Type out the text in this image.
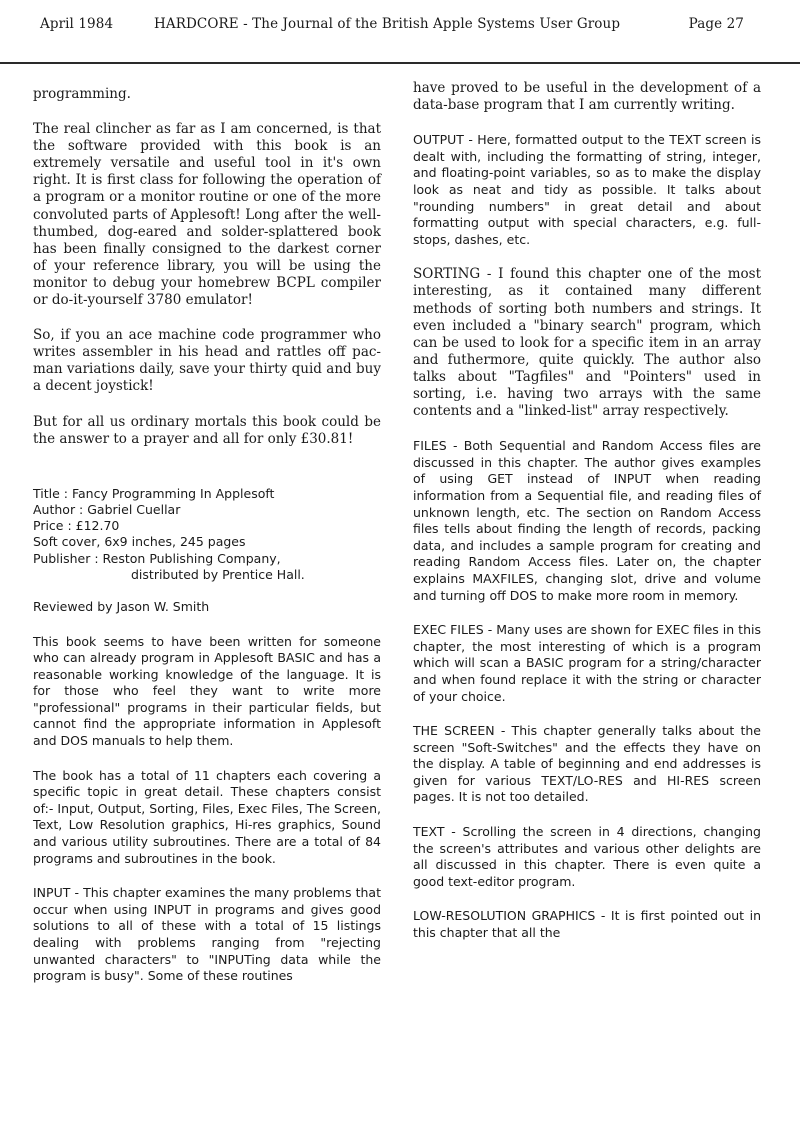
April 1984	HARDCORE - The Journal of the British Apple Systems User Group	Page 27

programming.

The real clincher as far as I am concerned, is that the software provided with this book is an extremely versatile and useful tool in it's own right. It is first class for following the operation of a program or a monitor routine or one of the more convoluted parts of Applesoft! Long after the well-thumbed, dog-eared and solder-splattered book has been finally consigned to the darkest corner of your reference library, you will be using the monitor to debug your homebrew BCPL compiler or do-it-yourself 3780 emulator!

So, if you an ace machine code programmer who writes assembler in his head and rattles off pac-man variations daily, save your thirty quid and buy a decent joystick!

But for all us ordinary mortals this book could be the answer to a prayer and all for only £30.81!

Title : Fancy Programming In Applesoft
Author : Gabriel Cuellar
Price : £12.70
Soft cover, 6x9 inches, 245 pages
Publisher : Reston Publishing Company,
distributed by Prentice Hall.

Reviewed by Jason W. Smith

This book seems to have been written for someone who can already program in Applesoft BASIC and has a reasonable working knowledge of the language. It is for those who feel they want to write more "professional" programs in their particular fields, but cannot find the appropriate information in Applesoft and DOS manuals to help them.

The book has a total of 11 chapters each covering a specific topic in great detail. These chapters consist of:- Input, Output, Sorting, Files, Exec Files, The Screen, Text, Low Resolution graphics, Hi-res graphics, Sound and various utility subroutines. There are a total of 84 programs and subroutines in the book.

INPUT - This chapter examines the many problems that occur when using INPUT in programs and gives good solutions to all of these with a total of 15 listings dealing with problems ranging from "rejecting unwanted characters" to "INPUTing data while the program is busy". Some of these routines

have proved to be useful in the development of a data-base program that I am currently writing.

OUTPUT - Here, formatted output to the TEXT screen is dealt with, including the formatting of string, integer, and floating-point variables, so as to make the display look as neat and tidy as possible. It talks about "rounding numbers" in great detail and about formatting output with special characters, e.g. full-stops, dashes, etc.

SORTING - I found this chapter one of the most interesting, as it contained many different methods of sorting both numbers and strings. It even included a "binary search" program, which can be used to look for a specific item in an array and futhermore, quite quickly. The author also talks about "Tagfiles" and "Pointers" used in sorting, i.e. having two arrays with the same contents and a "linked-list" array respectively.

FILES - Both Sequential and Random Access files are discussed in this chapter. The author gives examples of using GET instead of INPUT when reading information from a Sequential file, and reading files of unknown length, etc. The section on Random Access files tells about finding the length of records, packing data, and includes a sample program for creating and reading Random Access files. Later on, the chapter explains MAXFILES, changing slot, drive and volume and turning off DOS to make more room in memory.

EXEC FILES - Many uses are shown for EXEC files in this chapter, the most interesting of which is a program which will scan a BASIC program for a string/character and when found replace it with the string or character of your choice.

THE SCREEN - This chapter generally talks about the screen "Soft-Switches" and the effects they have on the display. A table of beginning and end addresses is given for various TEXT/LO-RES and HI-RES screen pages. It is not too detailed.

TEXT - Scrolling the screen in 4 directions, changing the screen's attributes and various other delights are all discussed in this chapter. There is even quite a good text-editor program.

LOW-RESOLUTION GRAPHICS - It is first pointed out in this chapter that all the
